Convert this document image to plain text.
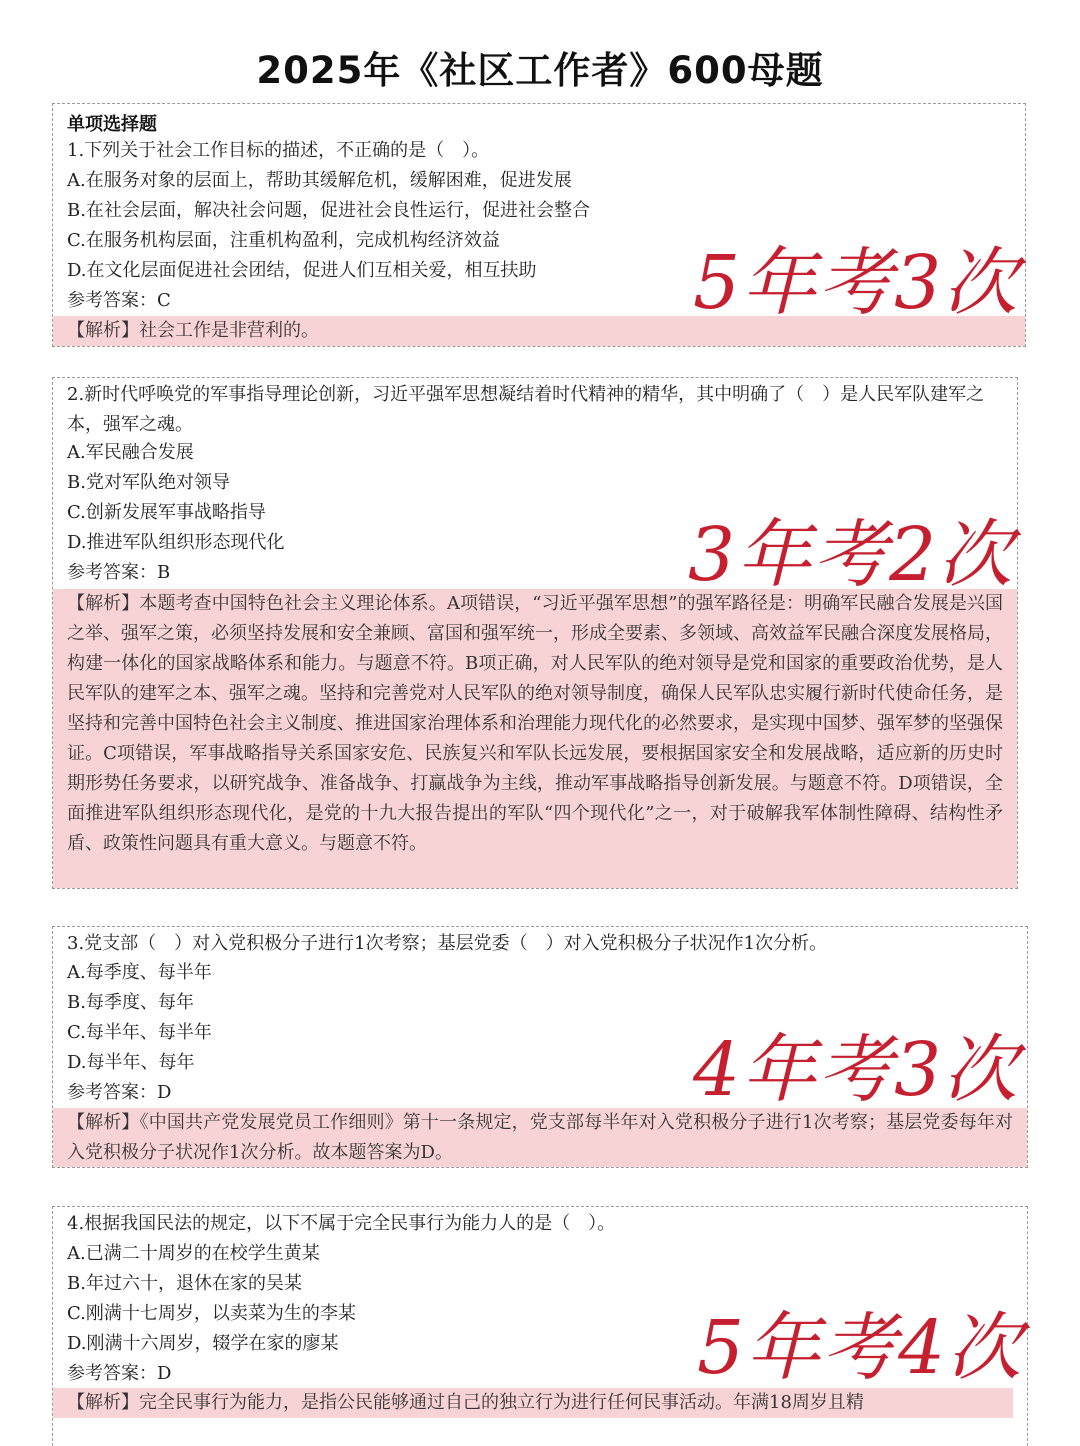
2025年《社区工作者》600母题
单项选择题
1.下列关于社会工作目标的描述，不正确的是（　）。
A.在服务对象的层面上，帮助其缓解危机，缓解困难，促进发展
B.在社会层面，解决社会问题，促进社会良性运行，促进社会整合
C.在服务机构层面，注重机构盈利，完成机构经济效益
D.在文化层面促进社会团结，促进人们互相关爱，相互扶助
参考答案：C
【解析】社会工作是非营利的。
5年考3次
2.新时代呼唤党的军事指导理论创新，习近平强军思想凝结着时代精神的精华，其中明确了（　）是人民军队建军之本，强军之魂。
A.军民融合发展
B.党对军队绝对领导
C.创新发展军事战略指导
D.推进军队组织形态现代化
参考答案：B
【解析】本题考查中国特色社会主义理论体系。A项错误，“习近平强军思想”的强军路径是：明确军民融合发展是兴国之举、强军之策，必须坚持发展和安全兼顾、富国和强军统一，形成全要素、多领域、高效益军民融合深度发展格局，构建一体化的国家战略体系和能力。与题意不符。B项正确，对人民军队的绝对领导是党和国家的重要政治优势，是人民军队的建军之本、强军之魂。坚持和完善党对人民军队的绝对领导制度，确保人民军队忠实履行新时代使命任务，是坚持和完善中国特色社会主义制度、推进国家治理体系和治理能力现代化的必然要求，是实现中国梦、强军梦的坚强保证。C项错误，军事战略指导关系国家安危、民族复兴和军队长远发展，要根据国家安全和发展战略，适应新的历史时期形势任务要求，以研究战争、准备战争、打赢战争为主线，推动军事战略指导创新发展。与题意不符。D项错误，全面推进军队组织形态现代化，是党的十九大报告提出的军队“四个现代化”之一，对于破解我军体制性障碍、结构性矛盾、政策性问题具有重大意义。与题意不符。
3年考2次
3.党支部（　）对入党积极分子进行1次考察；基层党委（　）对入党积极分子状况作1次分析。
A.每季度、每半年
B.每季度、每年
C.每半年、每半年
D.每半年、每年
参考答案：D
【解析】《中国共产党发展党员工作细则》第十一条规定，党支部每半年对入党积极分子进行1次考察；基层党委每年对入党积极分子状况作1次分析。故本题答案为D。
4年考3次
4.根据我国民法的规定，以下不属于完全民事行为能力人的是（　）。
A.已满二十周岁的在校学生黄某
B.年过六十，退休在家的吴某
C.刚满十七周岁，以卖菜为生的李某
D.刚满十六周岁，辍学在家的廖某
参考答案：D
【解析】完全民事行为能力，是指公民能够通过自己的独立行为进行任何民事活动。年满18周岁且精
5年考4次
